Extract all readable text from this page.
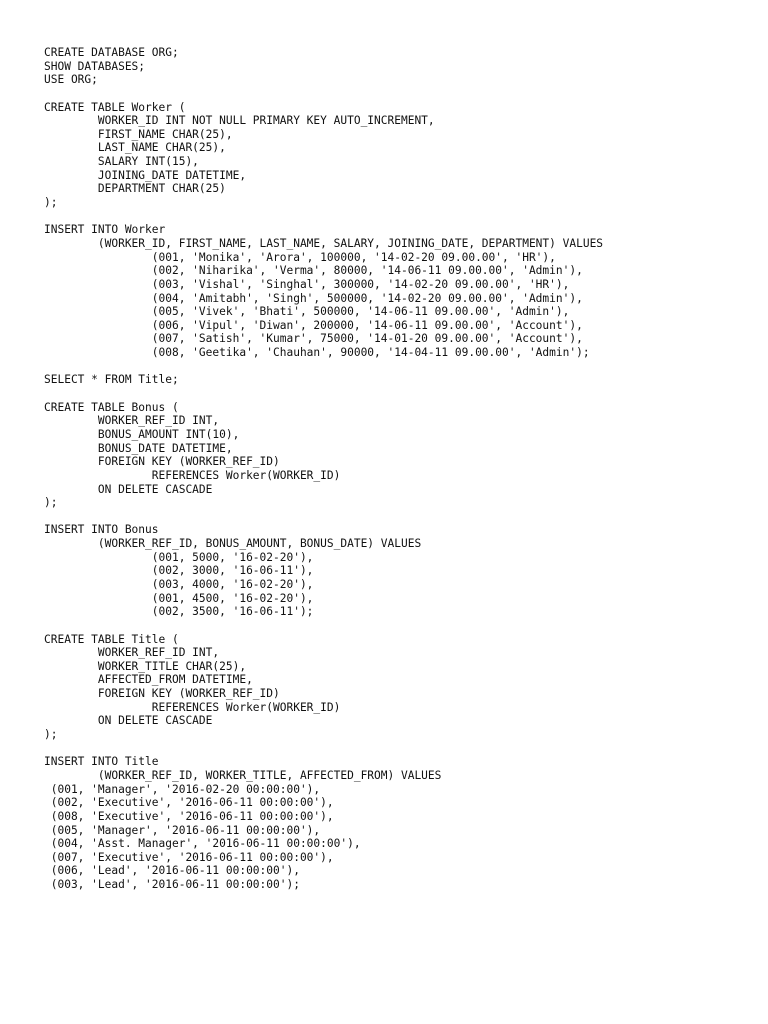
CREATE DATABASE ORG;
SHOW DATABASES;
USE ORG;
CREATE TABLE Worker (
WORKER_ID INT NOT NULL PRIMARY KEY AUTO_INCREMENT,
FIRST_NAME CHAR(25),
LAST_NAME CHAR(25),
SALARY INT(15),
JOINING_DATE DATETIME,
DEPARTMENT CHAR(25)
);
INSERT INTO Worker
(WORKER_ID, FIRST_NAME, LAST_NAME, SALARY, JOINING_DATE, DEPARTMENT) VALUES
(001, 'Monika', 'Arora', 100000, '14-02-20 09.00.00', 'HR'),
(002, 'Niharika', 'Verma', 80000, '14-06-11 09.00.00', 'Admin'),
(003, 'Vishal', 'Singhal', 300000, '14-02-20 09.00.00', 'HR'),
(004, 'Amitabh', 'Singh', 500000, '14-02-20 09.00.00', 'Admin'),
(005, 'Vivek', 'Bhati', 500000, '14-06-11 09.00.00', 'Admin'),
(006, 'Vipul', 'Diwan', 200000, '14-06-11 09.00.00', 'Account'),
(007, 'Satish', 'Kumar', 75000, '14-01-20 09.00.00', 'Account'),
(008, 'Geetika', 'Chauhan', 90000, '14-04-11 09.00.00', 'Admin');
SELECT * FROM Title;
CREATE TABLE Bonus (
WORKER_REF_ID INT,
BONUS_AMOUNT INT(10),
BONUS_DATE DATETIME,
FOREIGN KEY (WORKER_REF_ID)
REFERENCES Worker(WORKER_ID)
ON DELETE CASCADE
);
INSERT INTO Bonus
(WORKER_REF_ID, BONUS_AMOUNT, BONUS_DATE) VALUES
(001, 5000, '16-02-20'),
(002, 3000, '16-06-11'),
(003, 4000, '16-02-20'),
(001, 4500, '16-02-20'),
(002, 3500, '16-06-11');
CREATE TABLE Title (
WORKER_REF_ID INT,
WORKER_TITLE CHAR(25),
AFFECTED_FROM DATETIME,
FOREIGN KEY (WORKER_REF_ID)
REFERENCES Worker(WORKER_ID)
ON DELETE CASCADE
);
INSERT INTO Title
(WORKER_REF_ID, WORKER_TITLE, AFFECTED_FROM) VALUES
(001, 'Manager', '2016-02-20 00:00:00'),
(002, 'Executive', '2016-06-11 00:00:00'),
(008, 'Executive', '2016-06-11 00:00:00'),
(005, 'Manager', '2016-06-11 00:00:00'),
(004, 'Asst. Manager', '2016-06-11 00:00:00'),
(007, 'Executive', '2016-06-11 00:00:00'),
(006, 'Lead', '2016-06-11 00:00:00'),
(003, 'Lead', '2016-06-11 00:00:00');
